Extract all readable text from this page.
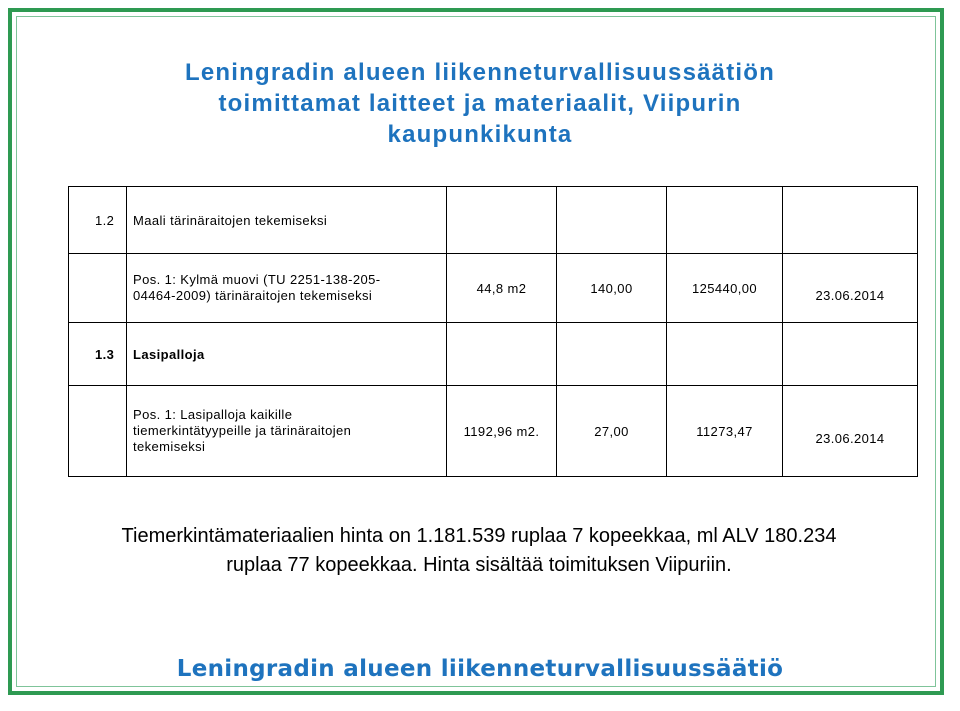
Leningradin alueen liikenneturvallisuussäätiön
toimittamat laitteet ja materiaalit, Viipurin
kaupunkikunta
1.2	Maali tärinäraitojen tekemiseksi				

	Pos. 1: Kylmä muovi (TU 2251-138-205-
04464-2009) tärinäraitojen tekemiseksi	44,8 m2	140,00	125440,00	23.06.2014

1.3	Lasipalloja				

	Pos. 1: Lasipalloja kaikille
tiemerkintätyypeille ja tärinäraitojen
tekemiseksi	1192,96 m2.	27,00	11273,47	23.06.2014

Tiemerkintämateriaalien hinta on 1.181.539 ruplaa 7 kopeekkaa, ml ALV 180.234

ruplaa 77 kopeekkaa. Hinta sisältää toimituksen Viipuriin.

Leningradin alueen liikenneturvallisuussäätiö
